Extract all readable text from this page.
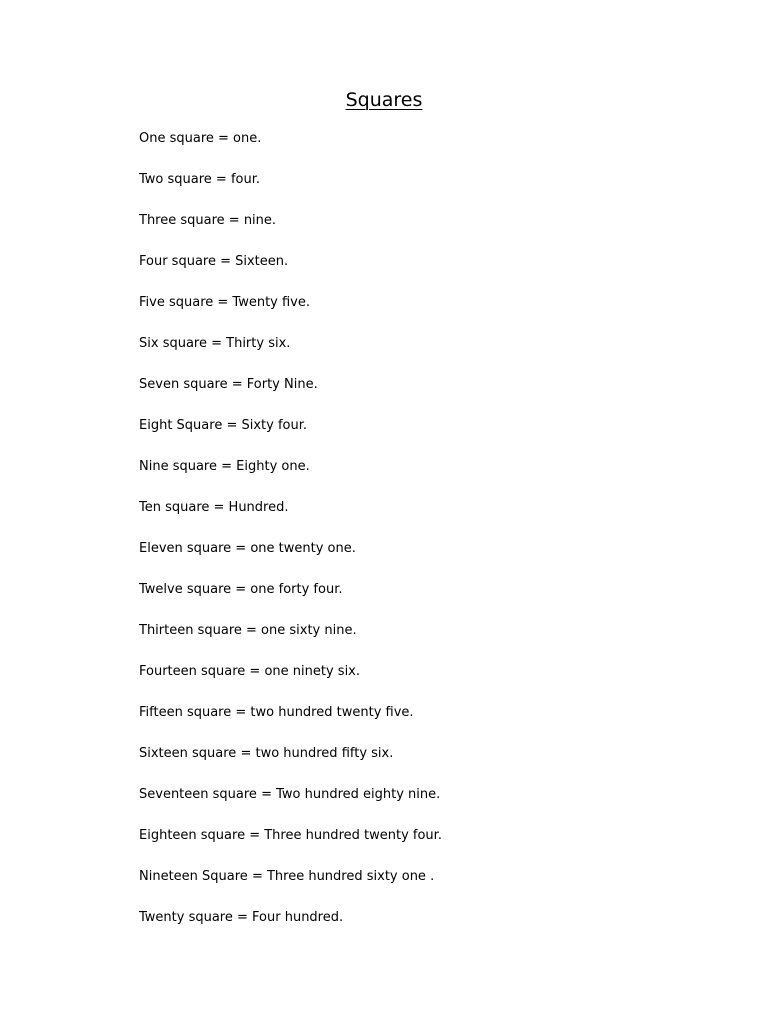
Squares
One square = one.
Two square = four.
Three square = nine.
Four square = Sixteen.
Five square = Twenty five.
Six square = Thirty six.
Seven square = Forty Nine.
Eight Square = Sixty four.
Nine square = Eighty one.
Ten square = Hundred.
Eleven square = one twenty one.
Twelve square = one forty four.
Thirteen square = one sixty nine.
Fourteen square = one ninety six.
Fifteen square = two hundred twenty five.
Sixteen square = two hundred fifty six.
Seventeen square = Two hundred eighty nine.
Eighteen square = Three hundred twenty four.
Nineteen Square = Three hundred sixty one .
Twenty square = Four hundred.
